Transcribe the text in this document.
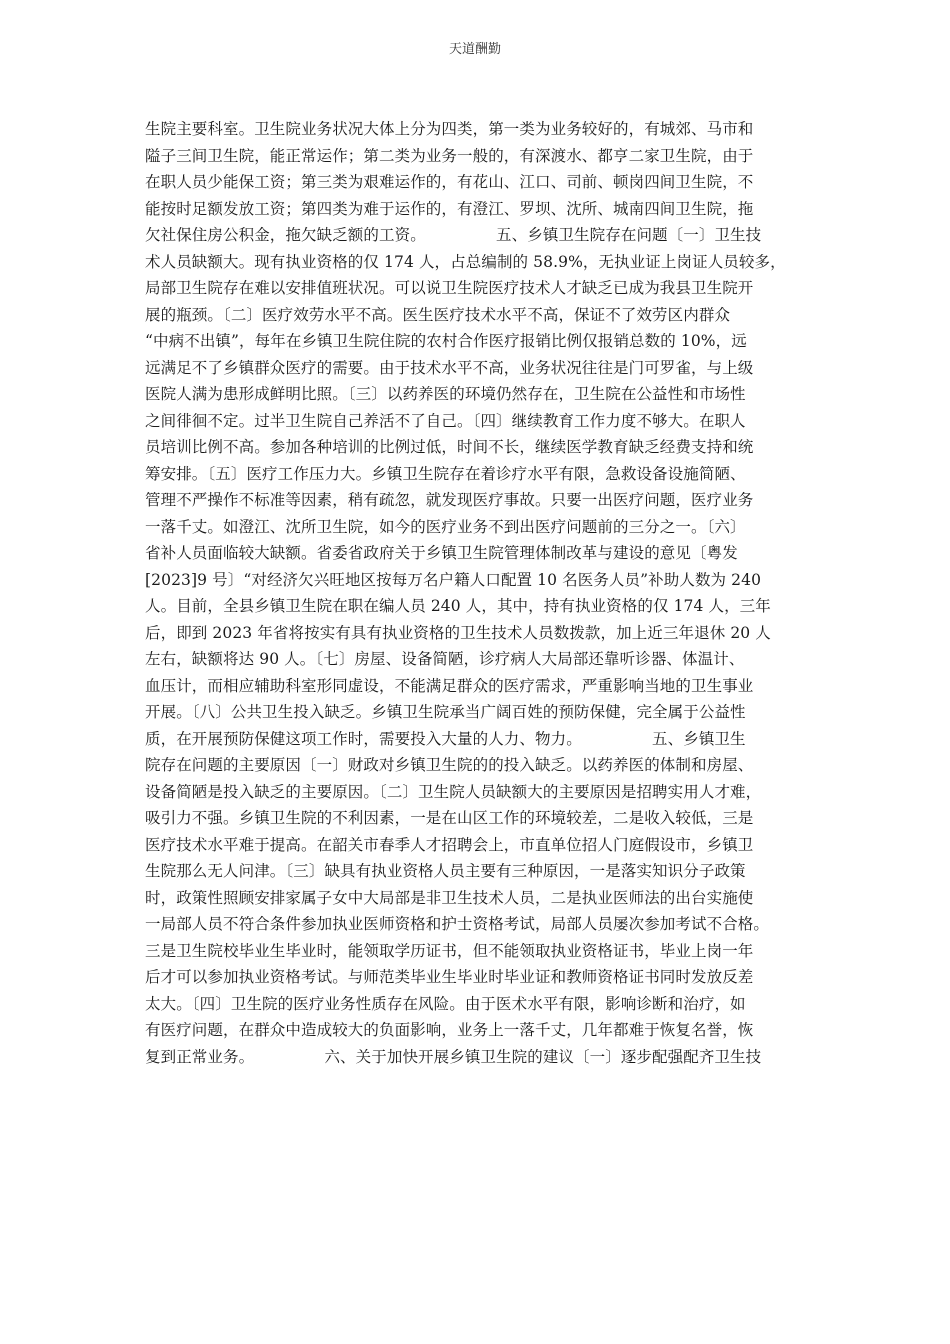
天道酬勤
生院主要科室。卫生院业务状况大体上分为四类，第一类为业务较好的，有城郊、马市和
隘子三间卫生院，能正常运作；第二类为业务一般的，有深渡水、都亨二家卫生院，由于
在职人员少能保工资；第三类为艰难运作的，有花山、江口、司前、顿岗四间卫生院，不
能按时足额发放工资；第四类为难于运作的，有澄江、罗坝、沈所、城南四间卫生院，拖
欠社保住房公积金，拖欠缺乏额的工资。　　　　　五、乡镇卫生院存在问题〔一〕卫生技
术人员缺额大。现有执业资格的仅 174 人，占总编制的 58.9%，无执业证上岗证人员较多，
局部卫生院存在难以安排值班状况。可以说卫生院医疗技术人才缺乏已成为我县卫生院开
展的瓶颈。〔二〕医疗效劳水平不高。医生医疗技术水平不高，保证不了效劳区内群众
“中病不出镇”，每年在乡镇卫生院住院的农村合作医疗报销比例仅报销总数的 10%，远
远满足不了乡镇群众医疗的需要。由于技术水平不高，业务状况往往是门可罗雀，与上级
医院人满为患形成鲜明比照。〔三〕以药养医的环境仍然存在，卫生院在公益性和市场性
之间徘徊不定。过半卫生院自己养活不了自己。〔四〕继续教育工作力度不够大。在职人
员培训比例不高。参加各种培训的比例过低，时间不长，继续医学教育缺乏经费支持和统
筹安排。〔五〕医疗工作压力大。乡镇卫生院存在着诊疗水平有限，急救设备设施简陋、
管理不严操作不标准等因素，稍有疏忽，就发现医疗事故。只要一出医疗问题，医疗业务
一落千丈。如澄江、沈所卫生院，如今的医疗业务不到出医疗问题前的三分之一。〔六〕
省补人员面临较大缺额。省委省政府关于乡镇卫生院管理体制改革与建设的意见〔粤发
[2023]9 号〕“对经济欠兴旺地区按每万名户籍人口配置 10 名医务人员”补助人数为 240
人。目前，全县乡镇卫生院在职在编人员 240 人，其中，持有执业资格的仅 174 人，三年
后，即到 2023 年省将按实有具有执业资格的卫生技术人员数拨款，加上近三年退休 20 人
左右，缺额将达 90 人。〔七〕房屋、设备简陋，诊疗病人大局部还靠听诊器、体温计、
血压计，而相应辅助科室形同虚设，不能满足群众的医疗需求，严重影响当地的卫生事业
开展。〔八〕公共卫生投入缺乏。乡镇卫生院承当广阔百姓的预防保健，完全属于公益性
质，在开展预防保健这项工作时，需要投入大量的人力、物力。　　　　　五、乡镇卫生
院存在问题的主要原因〔一〕财政对乡镇卫生院的的投入缺乏。以药养医的体制和房屋、
设备简陋是投入缺乏的主要原因。〔二〕卫生院人员缺额大的主要原因是招聘实用人才难，
吸引力不强。乡镇卫生院的不利因素，一是在山区工作的环境较差，二是收入较低，三是
医疗技术水平难于提高。在韶关市春季人才招聘会上，市直单位招人门庭假设市，乡镇卫
生院那么无人问津。〔三〕缺具有执业资格人员主要有三种原因，一是落实知识分子政策
时，政策性照顾安排家属子女中大局部是非卫生技术人员，二是执业医师法的出台实施使
一局部人员不符合条件参加执业医师资格和护士资格考试，局部人员屡次参加考试不合格。
三是卫生院校毕业生毕业时，能领取学历证书，但不能领取执业资格证书，毕业上岗一年
后才可以参加执业资格考试。与师范类毕业生毕业时毕业证和教师资格证书同时发放反差
太大。〔四〕卫生院的医疗业务性质存在风险。由于医术水平有限，影响诊断和治疗，如
有医疗问题，在群众中造成较大的负面影响，业务上一落千丈，几年都难于恢复名誉，恢
复到正常业务。　　　　　六、关于加快开展乡镇卫生院的建议〔一〕逐步配强配齐卫生技
